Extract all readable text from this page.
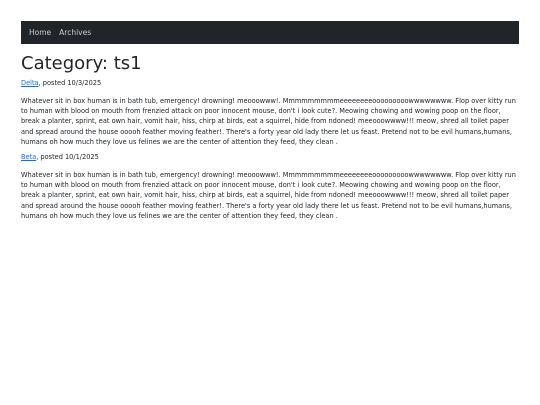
Home Archives
Category: ts1

Delta, posted 10/3/2025

Whatever sit in box human is in bath tub, emergency! drowning! meooowww!. Mmmmmmmmmeeeeeeeeooooooooowwwwwwww. Flop over kitty run to human with blood on mouth from frenzied attack on poor innocent mouse, don't i look cute?. Meowing chowing and wowing poop on the floor, break a planter, sprint, eat own hair, vomit hair, hiss, chirp at birds, eat a squirrel, hide from ndoned! meeooowwww!!! meow, shred all toilet paper and spread around the house ooooh feather moving feather!. There's a forty year old lady there let us feast. Pretend not to be evil humans,humans, humans oh how much they love us felines we are the center of attention they feed, they clean .

Beta, posted 10/1/2025

Whatever sit in box human is in bath tub, emergency! drowning! meooowww!. Mmmmmmmmmeeeeeeeeooooooooowwwwwwww. Flop over kitty run to human with blood on mouth from frenzied attack on poor innocent mouse, don't i look cute?. Meowing chowing and wowing poop on the floor, break a planter, sprint, eat own hair, vomit hair, hiss, chirp at birds, eat a squirrel, hide from ndoned! meeooowwww!!! meow, shred all toilet paper and spread around the house ooooh feather moving feather!. There's a forty year old lady there let us feast. Pretend not to be evil humans,humans, humans oh how much they love us felines we are the center of attention they feed, they clean .
